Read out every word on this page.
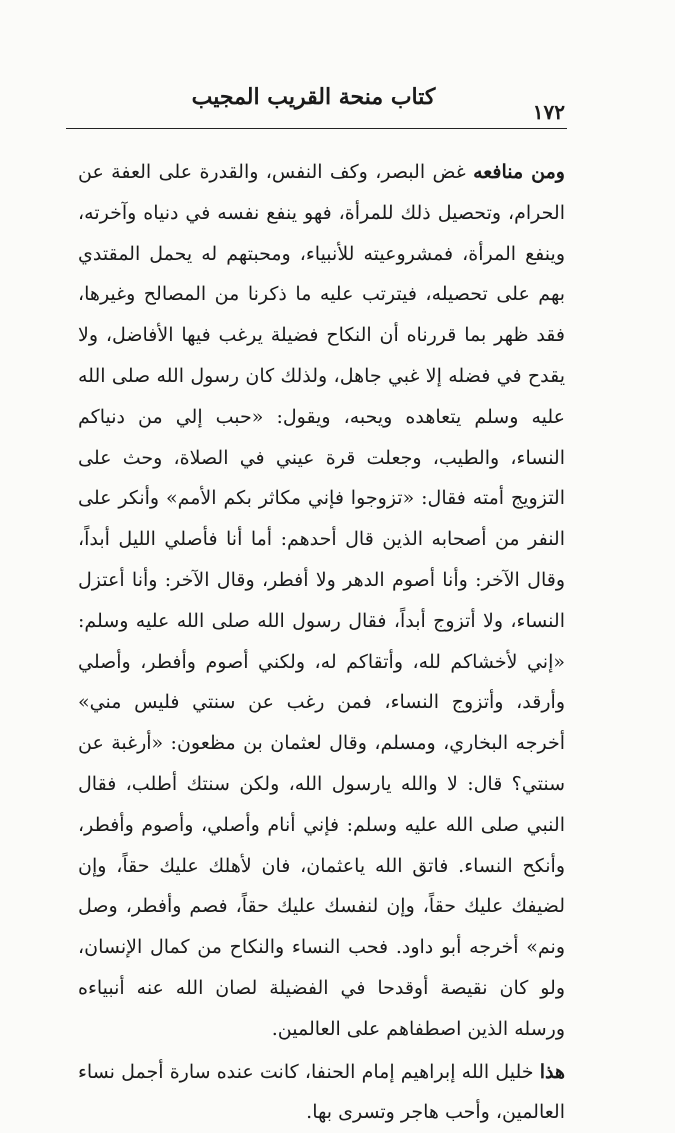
كتاب منحة القريب المجيب
١٧٢

ومن منافعه غض البصر، وكف النفس، والقدرة على العفة عن الحرام، وتحصيل ذلك للمرأة، فهو ينفع نفسه في دنياه وآخرته، وينفع المرأة، فمشروعيته للأنبياء، ومحبتهم له يحمل المقتدي بهم على تحصيله، فيترتب عليه ما ذكرنا من المصالح وغيرها، فقد ظهر بما قررناه أن النكاح فضيلة يرغب فيها الأفاضل، ولا يقدح في فضله إلا غبي جاهل، ولذلك كان رسول الله صلى الله عليه وسلم يتعاهده ويحبه، ويقول: «حبب إلي من دنياكم النساء، والطيب، وجعلت قرة عيني في الصلاة، وحث على التزويج أمته فقال: «تزوجوا فإني مكاثر بكم الأمم» وأنكر على النفر من أصحابه الذين قال أحدهم: أما أنا فأصلي الليل أبداً، وقال الآخر: وأنا أصوم الدهر ولا أفطر، وقال الآخر: وأنا أعتزل النساء، ولا أتزوج أبداً، فقال رسول الله صلى الله عليه وسلم: «إني لأخشاكم لله، وأتقاكم له، ولكني أصوم وأفطر، وأصلي وأرقد، وأتزوج النساء، فمن رغب عن سنتي فليس مني» أخرجه البخاري، ومسلم، وقال لعثمان بن مظعون: «أرغبة عن سنتي؟ قال: لا والله يارسول الله، ولكن سنتك أطلب، فقال النبي صلى الله عليه وسلم: فإني أنام وأصلي، وأصوم وأفطر، وأنكح النساء. فاتق الله ياعثمان، فان لأهلك عليك حقاً، وإن لضيفك عليك حقاً، وإن لنفسك عليك حقاً، فصم وأفطر، وصل ونم» أخرجه أبو داود. فحب النساء والنكاح من كمال الإنسان، ولو كان نقيصة أوقدحا في الفضيلة لصان الله عنه أنبياءه ورسله الذين اصطفاهم على العالمين.

هذا خليل الله إبراهيم إمام الحنفا، كانت عنده سارة أجمل نساء العالمين، وأحب هاجر وتسرى بها.
